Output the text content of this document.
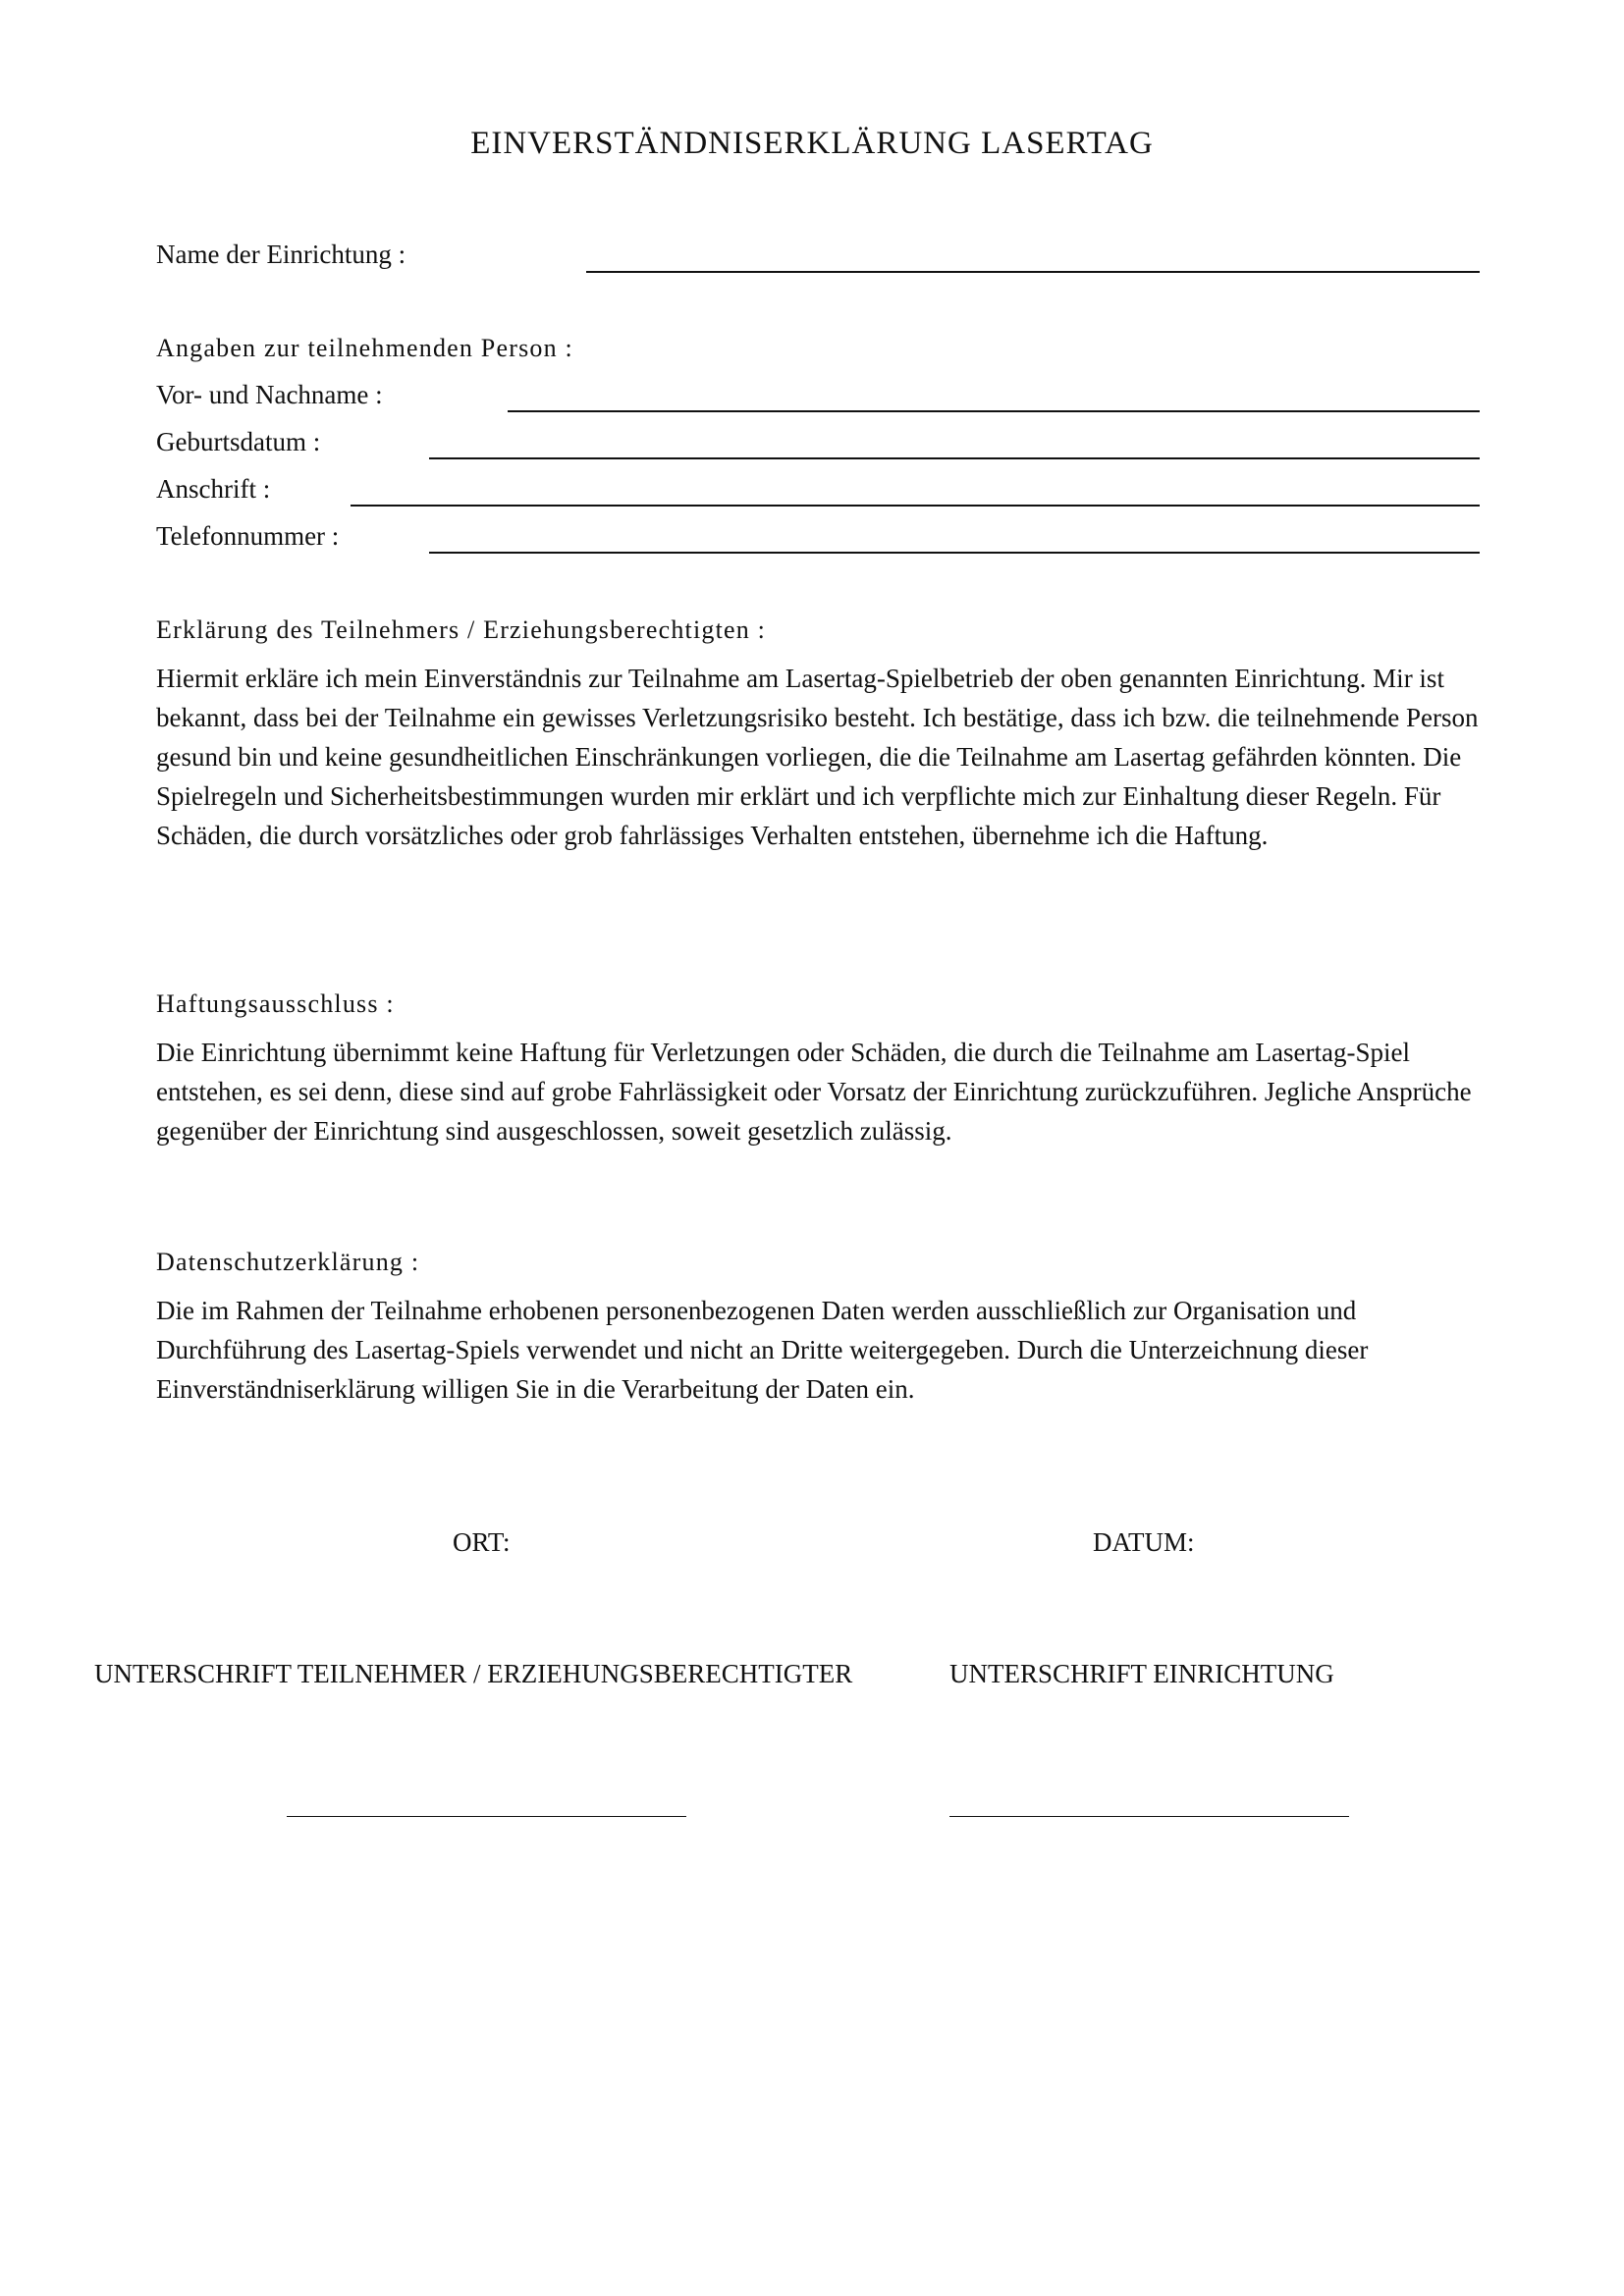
EINVERSTÄNDNISERKLÄRUNG LASERTAG
Name der Einrichtung :
Angaben zur teilnehmenden Person :
Vor- und Nachname :
Geburtsdatum :
Anschrift :
Telefonnummer :
Erklärung des Teilnehmers / Erziehungsberechtigten :
Hiermit erkläre ich mein Einverständnis zur Teilnahme am Lasertag-Spielbetrieb der oben genannten Einrichtung. Mir ist bekannt, dass bei der Teilnahme ein gewisses Verletzungsrisiko besteht. Ich bestätige, dass ich bzw. die teilnehmende Person gesund bin und keine gesundheitlichen Einschränkungen vorliegen, die die Teilnahme am Lasertag gefährden könnten. Die Spielregeln und Sicherheitsbestimmungen wurden mir erklärt und ich verpflichte mich zur Einhaltung dieser Regeln. Für Schäden, die durch vorsätzliches oder grob fahrlässiges Verhalten entstehen, übernehme ich die Haftung.
Haftungsausschluss :
Die Einrichtung übernimmt keine Haftung für Verletzungen oder Schäden, die durch die Teilnahme am Lasertag-Spiel entstehen, es sei denn, diese sind auf grobe Fahrlässigkeit oder Vorsatz der Einrichtung zurückzuführen. Jegliche Ansprüche gegenüber der Einrichtung sind ausgeschlossen, soweit gesetzlich zulässig.
Datenschutzerklärung :
Die im Rahmen der Teilnahme erhobenen personenbezogenen Daten werden ausschließlich zur Organisation und Durchführung des Lasertag-Spiels verwendet und nicht an Dritte weitergegeben. Durch die Unterzeichnung dieser Einverständniserklärung willigen Sie in die Verarbeitung der Daten ein.
ORT:	DATUM:
UNTERSCHRIFT TEILNEHMER / ERZIEHUNGSBERECHTIGTER	UNTERSCHRIFT EINRICHTUNG
